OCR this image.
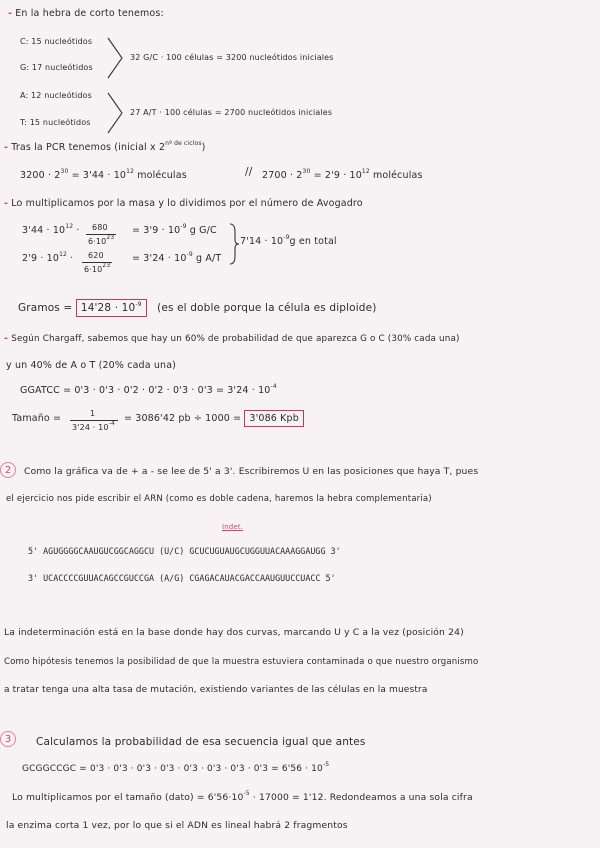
- En la hebra de corto tenemos:
C: 15 nucleótidos
G: 17 nucleótidos
32 G/C · 100 células = 3200 nucleótidos iniciales
A: 12 nucleótidos
T: 15 nucleótidos
27 A/T · 100 células = 2700 nucleótidos iniciales
- Tras la PCR tenemos (inicial x $2^{nº de ciclos}$)
$3200 \cdot 2^{30} = 3'44 \cdot 10^{12}$ moléculas	// $2700 \cdot 2^{30} = 2'9 \cdot 10^{12}$ moléculas
- Lo multiplicamos por la masa y lo dividimos por el número de Avogadro
$3'44 \cdot 10^{12} \cdot 680$
$6\cdot 10^{23}$
= $3'9 \cdot 10^{-9}$ g G/C
$2'9 \cdot 10^{12} \cdot 620$
$6\cdot 10^{23}$
= $3'24 \cdot 10^{-9}$ g A/T
$7'14 \cdot 10^{-9}g$ en total
Gramos = $14'28 \cdot 10^{-9}$ (es el doble porque la célula es diploide)
- Según Chargaff, sabemos que hay un 60% de probabilidad de que aparezca G o C (30% cada una)
y un 40% de A o T (20% cada una)
GGATCC = $0'3 \cdot 0'3 \cdot 0'2 \cdot 0'2 \cdot 0'3 \cdot 0'3 = 3'24 \cdot 10^{-4}$
Tamaño =	1
$3'24 \cdot 10^{-4} = 3086'42$ pb ÷ 1000 = 3'086 Kpb
2	Como la gráfica va de + a - se lee de 5' a 3'. Escribiremos U en las posiciones que haya T, pues
el ejercicio nos pide escribir el ARN (como es doble cadena, haremos la hebra complementaria)
Indet.
5' AGUGGGGCAAUGUCGGCAGGCU (U/C) GCUCUGUAUGCUGGUUACAAAGGAUGG 3'
3' UCACCCCGUUACAGCCGUCCGA (A/G) CGAGACAUACGACCAAUGUUCCUACC 5'
La indeterminación está en la base donde hay dos curvas, marcando U y C a la vez (posición 24)
Como hipótesis tenemos la posibilidad de que la muestra estuviera contaminada o que nuestro organismo
a tratar tenga una alta tasa de mutación, existiendo variantes de las células en la muestra
3	Calculamos la probabilidad de esa secuencia igual que antes
GCGGCCGC = $0'3 \cdot 0'3 \cdot 0'3 \cdot 0'3 \cdot 0'3 \cdot 0'3 \cdot 0'3 \cdot 0'3 = 6'56 \cdot 10^{-5}$
Lo multiplicamos por el tamaño (dato) = $6'56\cdot 10^{-5} \cdot 17000 = 1'12$. Redondeamos a una sola cifra
la enzima corta 1 vez, por lo que si el ADN es lineal habrá 2 fragmentos
